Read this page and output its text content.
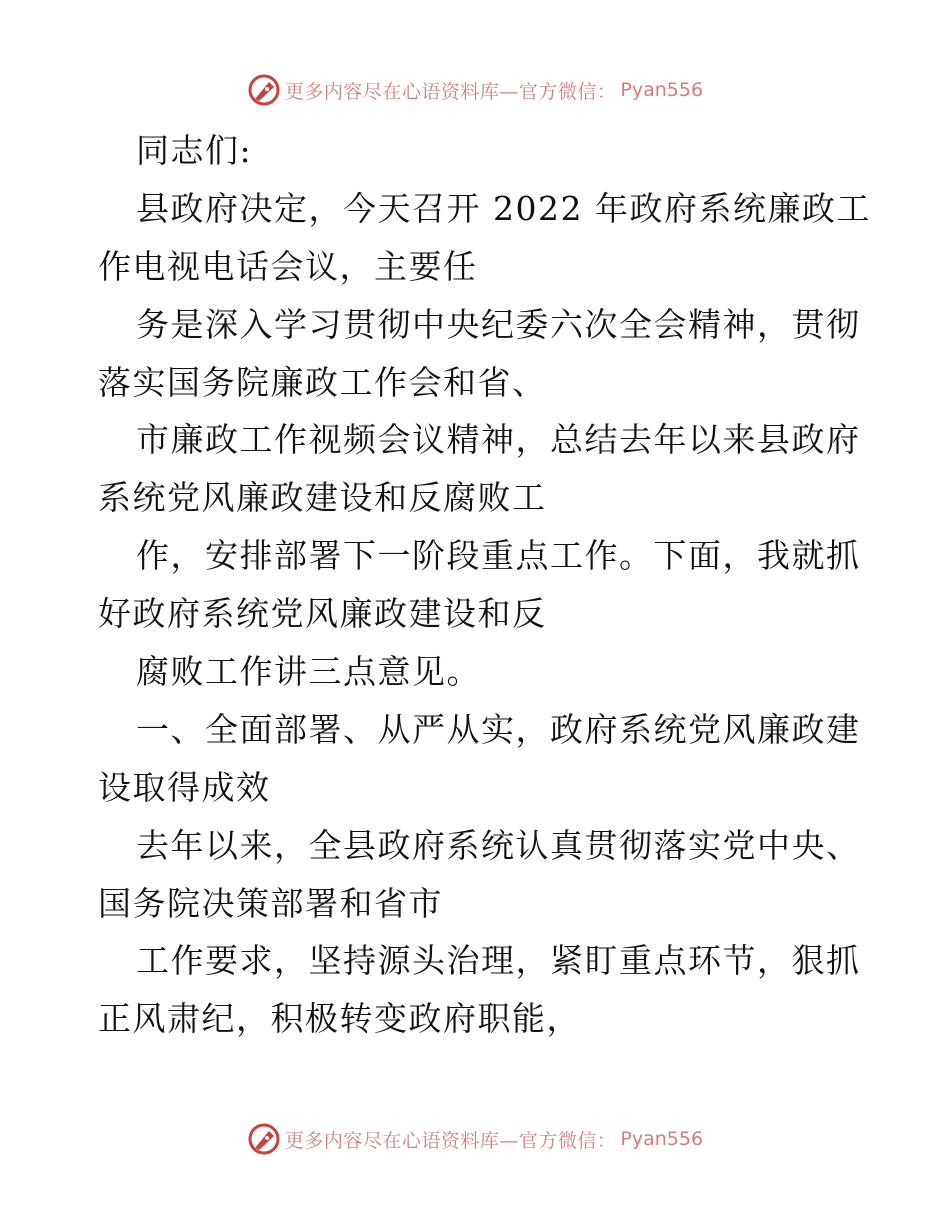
更多内容尽在心语资料库—官方微信： Pyan556
同志们:
县政府决定，今天召开 2022 年政府系统廉政工
作电视电话会议，主要任
务是深入学习贯彻中央纪委六次全会精神，贯彻
落实国务院廉政工作会和省、
市廉政工作视频会议精神，总结去年以来县政府
系统党风廉政建设和反腐败工
作，安排部署下一阶段重点工作。下面，我就抓
好政府系统党风廉政建设和反
腐败工作讲三点意见。
一、全面部署、从严从实，政府系统党风廉政建
设取得成效
去年以来，全县政府系统认真贯彻落实党中央、
国务院决策部署和省市
工作要求，坚持源头治理，紧盯重点环节，狠抓
正风肃纪，积极转变政府职能，
更多内容尽在心语资料库—官方微信： Pyan556
